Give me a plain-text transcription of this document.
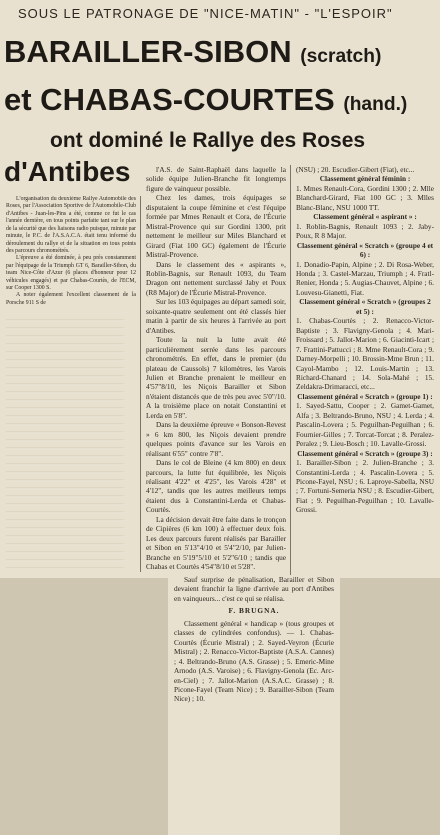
SOUS LE PATRONAGE DE "NICE-MATIN" - "L'ESPOIR"
BARAILLER-SIBON (scratch)
et CHABAS-COURTES (hand.)
ont dominé le Rallye des Roses
d'Antibes

L'organisation du deuxième Rallye Automobile des Roses, par l'Association Sportive de l'Automobile-Club d'Antibes - Juan-les-Pins a été, comme ce fut le cas l'année dernière, en tous points parfaite tant sur le plan de la sécurité que des liaisons radio puisque, minute par minute, le P.C. de l'A.S.A.C.A. était tenu informé du déroulement du rallye et de la situation en tous points des parcours chronométrés.

L'épreuve a été dominée, à peu près constamment par l'équipage de la Triumph GT 6, Barailler-Sibon, du team Nice-Côte d'Azur (6 places d'honneur pour 12 véhicules engagés) et par Chabas-Courtès, de l'ECM, sur Cooper 1300 S.

A noter également l'excellent classement de la Porsche 911 S de

l'A.S. de Saint-Raphaël dans laquelle la solide équipe Julien-Branche fit longtemps figure de vainqueur possible.

Chez les dames, trois équipages se disputaient la coupe féminine et c'est l'équipe formée par Mmes Renault et Cora, de l'Écurie Mistral-Provence qui sur Gordini 1300, prit nettement le meilleur sur Miles Blanchard et Girard (Fiat 100 GC) également de l'Écurie Mistral-Provence.

Dans le classement des « aspirants », Roblin-Bagnis, sur Renault 1093, du Team Dragon ont nettement surclassé Jaby et Poux (R8 Major) de l'Écurie Mistral-Provence.

Sur les 103 équipages au départ samedi soir, soixante-quatre seulement ont été classés hier matin à partir de six heures à l'arrivée au port d'Antibes.

Toute la nuit la lutte avait été particulièrement serrée dans les parcours chronométrés. En effet, dans le premier (du plateau de Caussols) 7 kilomètres, les Varois Julien et Branche prenaient le meilleur en 4'57"8/10, les Niçois Barailler et Sibon n'étaient distancés que de très peu avec 5'0"/10. A la troisième place on notait Constantini et Lerda en 5'8".

Dans la deuxième épreuve « Bonson-Revest » 6 km 800, les Niçois devaient prendre quelques points d'avance sur les Varois en réalisant 6'55" contre 7'8".

Dans le col de Bleine (4 km 800) en deux parcours, la lutte fut équilibrée, les Niçois réalisant 4'22" et 4'25", les Varois 4'28" et 4'12", tandis que les autres meilleurs temps étaient dus à Constantini-Lerda et Chabas-Courtès.

La décision devait être faite dans le tronçon de Cipières (6 km 100) à effectuer deux fois. Les deux parcours furent réalisés par Barailler et Sibon en 5'13"4/10 et 5'4"2/10, par Julien-Branche en 5'19"5/10 et 5'2"6/10 ; tandis que Chabas et Courtès 4'54"8/10 et 5'28".

Sauf surprise de pénalisation, Barailler et Sibon devaient franchir la ligne d'arrivée au port d'Antibes en vainqueurs... c'est ce qui se réalisa.

F. BRUGNA.

Classement général « handicap » (tous groupes et classes de cylindrées confondus). — 1. Chabas-Courtès (Écurie Mistral) ; 2. Sayed-Veyron (Écurie Mistral) ; 2. Renacco-Victor-Baptiste (A.S.A. Cannes) ; 4. Beltrando-Bruno (A.S. Grasse) ; 5. Emeric-Mine Arnodo (A.S. Varoise) ; 6. Flavigny-Genola (Ec. Arc-en-Ciel) ; 7. Jallot-Marion (A.S.A.C. Grasse) ; 8. Picone-Fayel (Team Nice) ; 9. Barailler-Sibon (Team Nice) ; 10.

(NSU) ; 20. Escudier-Gibert (Fiat), etc...
Classement général féminin :
1. Mmes Renault-Cora, Gordini 1300 ; 2. Mlle Blanchard-Girard, Fiat 100 GC ; 3. Mlles Blanc-Blanc, NSU 1000 TT.
Classement général « aspirant » :
1. Roblin-Bagnis, Renault 1093 ; 2. Jaby-Poux, R 8 Major.
Classement général « Scratch » (groupe 4 et 6) :
1. Donadio-Papin, Alpine ; 2. Di Rosa-Weber, Honda ; 3. Castel-Marzau, Triumph ; 4. Fratl-Renier, Honda ; 5. Augias-Chauvet, Alpine ; 6. Louvesu-Gianetti, Fiat.
Classement général « Scratch » (groupes 2 et 5) :
1. Chabas-Courtès ; 2. Renacco-Victor-Baptiste ; 3. Flavigny-Genola ; 4. Mari-Froissard ; 5. Jallot-Marion ; 6. Giacinti-Icart ; 7. Frattini-Pattucci ; 8. Mme Renault-Cora ; 9. Darney-Morpelli ; 10. Brossin-Mme Brun ; 11. Cayol-Mambo ; 12. Louis-Martin ; 13. Richard-Chanard ; 14. Sola-Mahé ; 15. Zeldakra-Drimaracci, etc...
Classement général « Scratch » (groupe 1) :
1. Sayed-Sattu, Cooper ; 2. Gamet-Gamet, Alfa ; 3. Beltrando-Bruno, NSU ; 4. Lerda ; 4. Pascalin-Lovera ; 5. Peguilhan-Peguilhan ; 6. Fournier-Gilles ; 7. Torcat-Torcat ; 8. Peralez-Peralez ; 9. Lieu-Bosch ; 10. Lavalle-Grossi.
Classement général « Scratch » (groupe 3) :
1. Barailler-Sibon ; 2. Julien-Branche ; 3. Constantini-Lerda ; 4. Pascalin-Lovera ; 5. Picone-Fayel, NSU ; 6. Laproye-Sabella, NSU ; 7. Fortuni-Semeria NSU ; 8. Escudier-Gibert, Fiat ; 9. Peguilhan-Peguilhan ; 10. Lavalle-Grossi.
